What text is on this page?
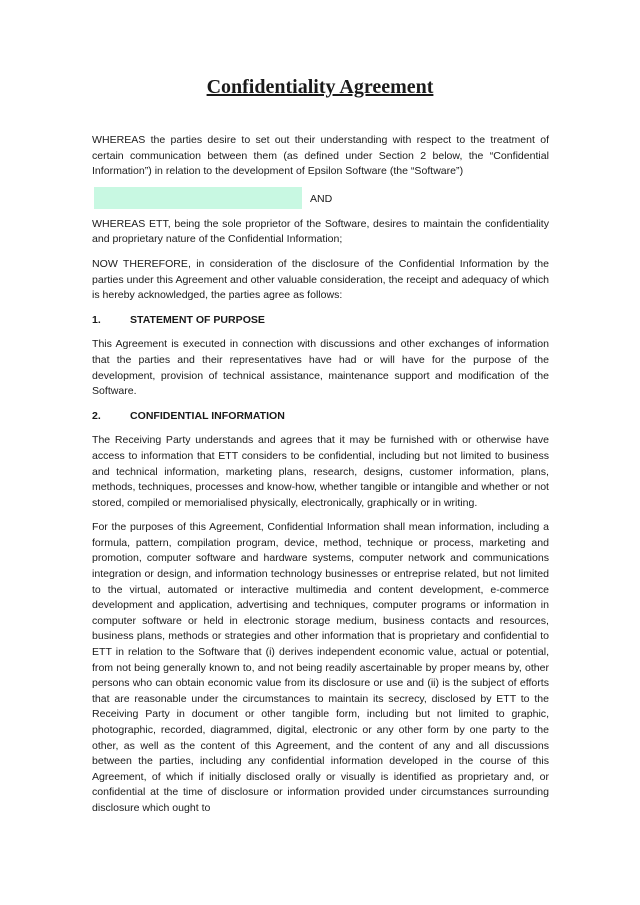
Confidentiality Agreement

WHEREAS the parties desire to set out their understanding with respect to the treatment of certain communication between them (as defined under Section 2 below, the “Confidential Information”) in relation to the development of Epsilon Software (the “Software”)

AND

WHEREAS ETT, being the sole proprietor of the Software, desires to maintain the confidentiality and proprietary nature of the Confidential Information;

NOW THEREFORE, in consideration of the disclosure of the Confidential Information by the parties under this Agreement and other valuable consideration, the receipt and adequacy of which is hereby acknowledged, the parties agree as follows:

1.	STATEMENT OF PURPOSE

This Agreement is executed in connection with discussions and other exchanges of information that the parties and their representatives have had or will have for the purpose of the development, provision of technical assistance, maintenance support and modification of the Software.

2.	CONFIDENTIAL INFORMATION

The Receiving Party understands and agrees that it may be furnished with or otherwise have access to information that ETT considers to be confidential, including but not limited to business and technical information, marketing plans, research, designs, customer information, plans, methods, techniques, processes and know-how, whether tangible or intangible and whether or not stored, compiled or memorialised physically, electronically, graphically or in writing.

For the purposes of this Agreement, Confidential Information shall mean information, including a formula, pattern, compilation program, device, method, technique or process, marketing and promotion, computer software and hardware systems, computer network and communications integration or design, and information technology businesses or entreprise related, but not limited to the virtual, automated or interactive multimedia and content development, e-commerce development and application, advertising and techniques, computer programs or information in computer software or held in electronic storage medium, business contacts and resources, business plans, methods or strategies and other information that is proprietary and confidential to ETT in relation to the Software that (i) derives independent economic value, actual or potential, from not being generally known to, and not being readily ascertainable by proper means by, other persons who can obtain economic value from its disclosure or use and (ii) is the subject of efforts that are reasonable under the circumstances to maintain its secrecy, disclosed by ETT to the Receiving Party in document or other tangible form, including but not limited to graphic, photographic, recorded, diagrammed, digital, electronic or any other form by one party to the other, as well as the content of this Agreement, and the content of any and all discussions between the parties, including any confidential information developed in the course of this Agreement, of which if initially disclosed orally or visually is identified as proprietary and, or confidential at the time of disclosure or information provided under circumstances surrounding disclosure which ought to
